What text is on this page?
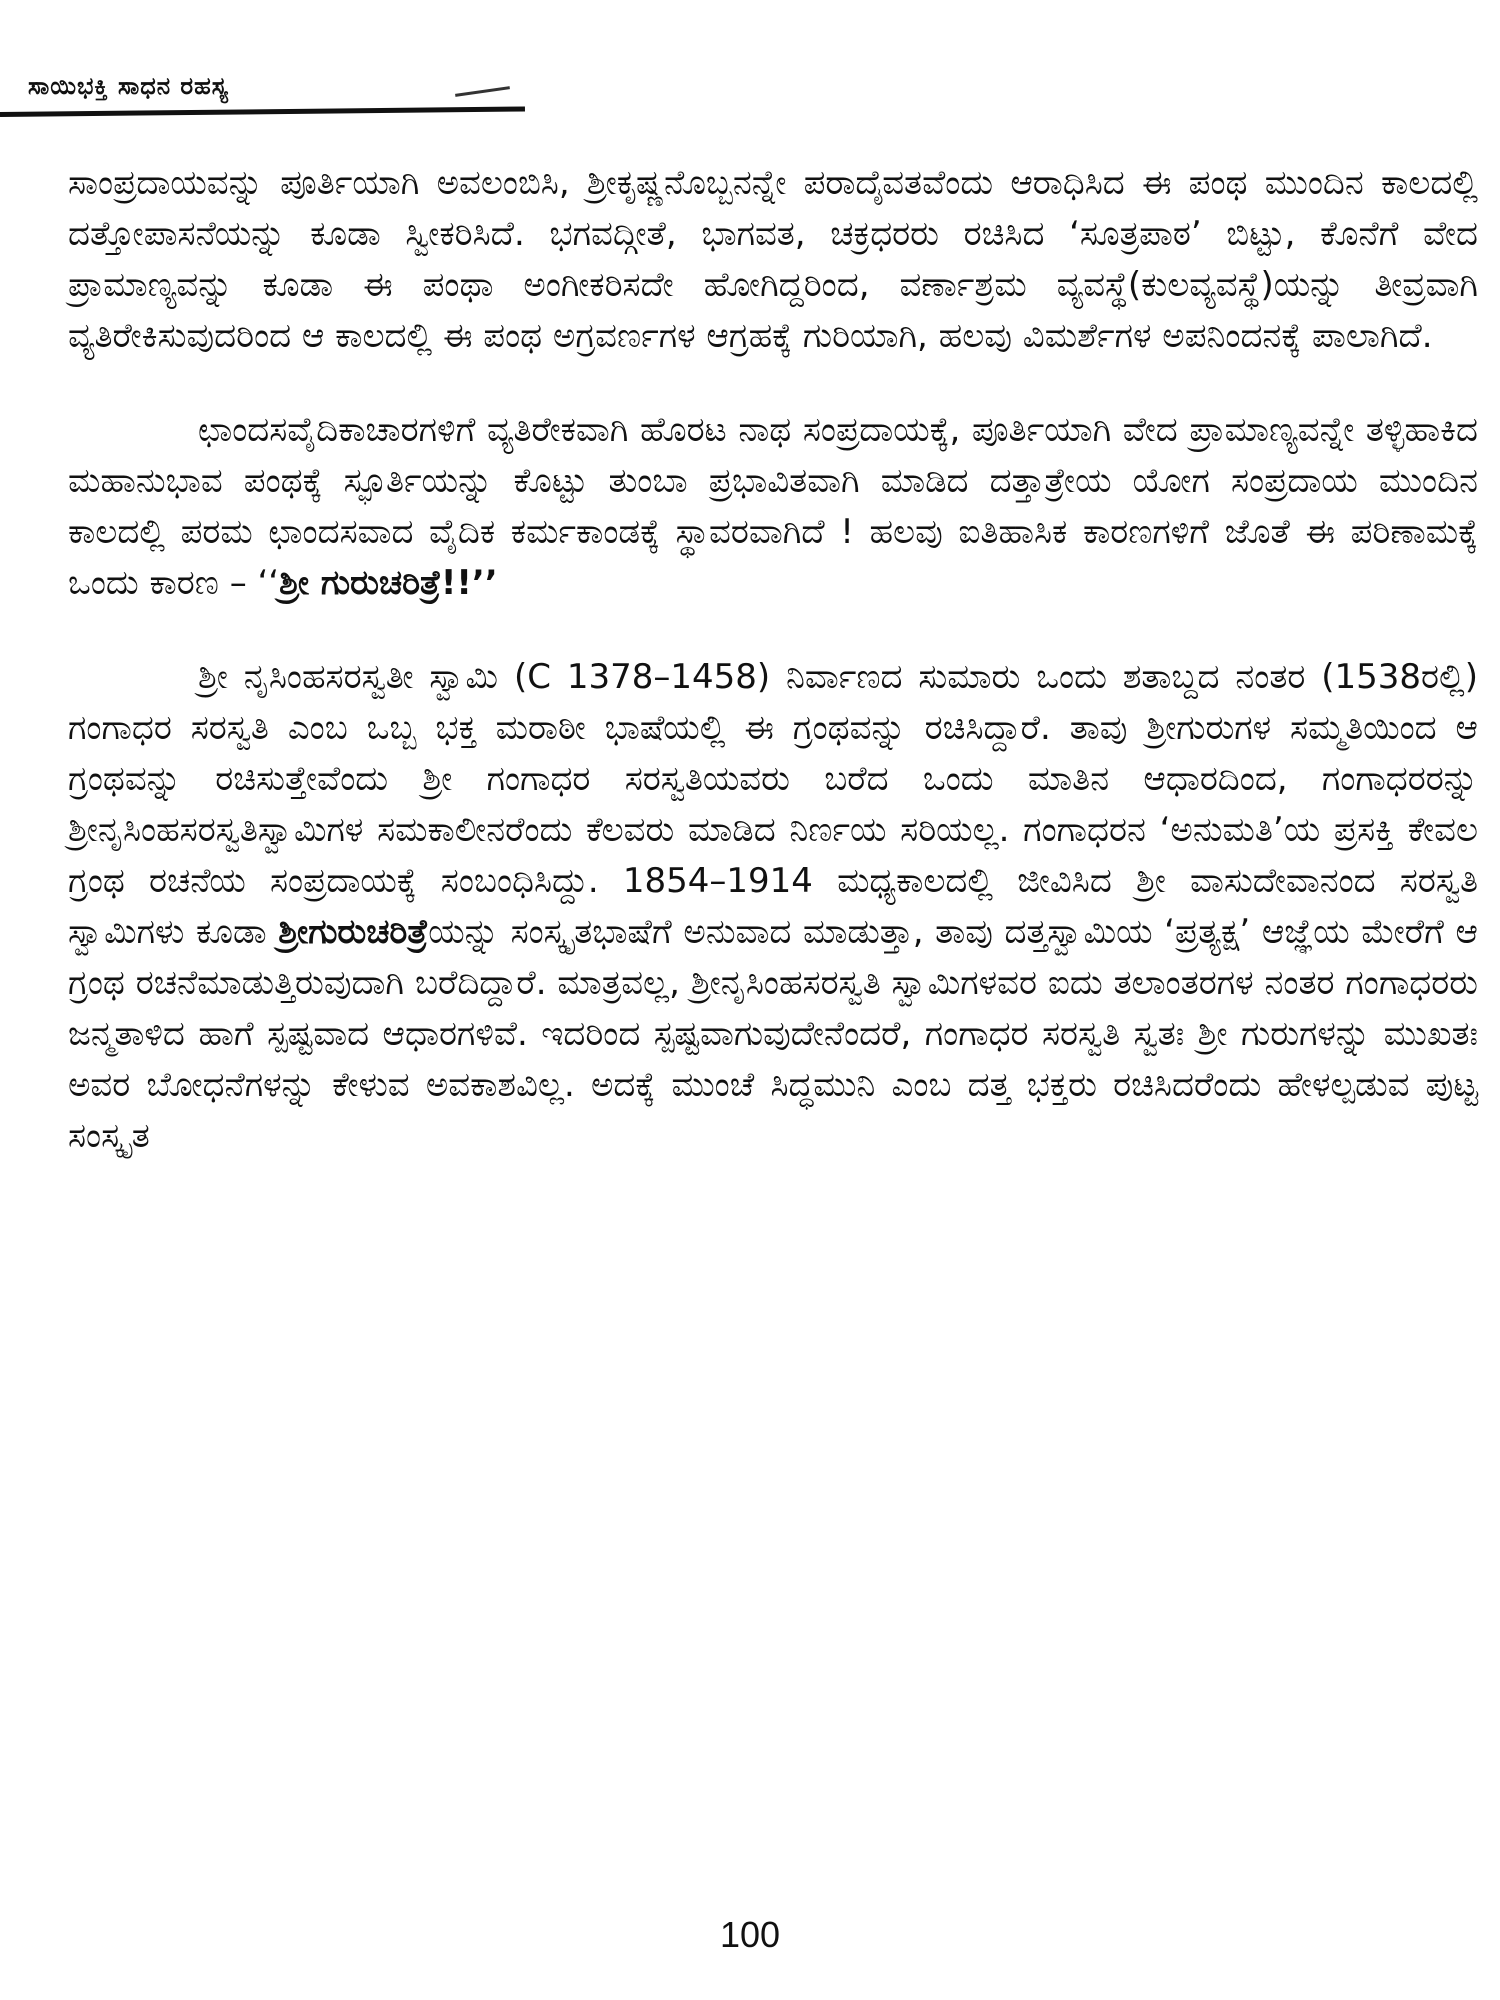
ಸಾಯಿಭಕ್ತಿ ಸಾಧನ ರಹಸ್ಯ

ಸಾಂಪ್ರದಾಯವನ್ನು ಪೂರ್ತಿಯಾಗಿ ಅವಲಂಬಿಸಿ, ಶ್ರೀಕೃಷ್ಣನೊಬ್ಬನನ್ನೇ ಪರಾದೈವತವೆಂದು ಆರಾಧಿಸಿದ ಈ ಪಂಥ ಮುಂದಿನ ಕಾಲದಲ್ಲಿ ದತ್ತೋಪಾಸನೆಯನ್ನು ಕೂಡಾ ಸ್ವೀಕರಿಸಿದೆ. ಭಗವದ್ಗೀತೆ, ಭಾಗವತ, ಚಕ್ರಧರರು ರಚಿಸಿದ ‘ಸೂತ್ರಪಾಠ’ ಬಿಟ್ಟು, ಕೊನೆಗೆ ವೇದ ಪ್ರಾಮಾಣ್ಯವನ್ನು ಕೂಡಾ ಈ ಪಂಥಾ ಅಂಗೀಕರಿಸದೇ ಹೋಗಿದ್ದರಿಂದ, ವರ್ಣಾಶ್ರಮ ವ್ಯವಸ್ಥೆ(ಕುಲವ್ಯವಸ್ಥೆ)ಯನ್ನು ತೀವ್ರವಾಗಿ ವ್ಯತಿರೇಕಿಸುವುದರಿಂದ ಆ ಕಾಲದಲ್ಲಿ ಈ ಪಂಥ ಅಗ್ರವರ್ಣಗಳ ಆಗ್ರಹಕ್ಕೆ ಗುರಿಯಾಗಿ, ಹಲವು ವಿಮರ್ಶೆಗಳ ಅಪನಿಂದನಕ್ಕೆ ಪಾಲಾಗಿದೆ.

ಛಾಂದಸವೈದಿಕಾಚಾರಗಳಿಗೆ ವ್ಯತಿರೇಕವಾಗಿ ಹೊರಟ ನಾಥ ಸಂಪ್ರದಾಯಕ್ಕೆ, ಪೂರ್ತಿಯಾಗಿ ವೇದ ಪ್ರಾಮಾಣ್ಯವನ್ನೇ ತಳ್ಳಿಹಾಕಿದ ಮಹಾನುಭಾವ ಪಂಥಕ್ಕೆ ಸ್ಫೂರ್ತಿಯನ್ನು ಕೊಟ್ಟು ತುಂಬಾ ಪ್ರಭಾವಿತವಾಗಿ ಮಾಡಿದ ದತ್ತಾತ್ರೇಯ ಯೋಗ ಸಂಪ್ರದಾಯ ಮುಂದಿನ ಕಾಲದಲ್ಲಿ ಪರಮ ಛಾಂದಸವಾದ ವೈದಿಕ ಕರ್ಮಕಾಂಡಕ್ಕೆ ಸ್ಥಾವರವಾಗಿದೆ ! ಹಲವು ಐತಿಹಾಸಿಕ ಕಾರಣಗಳಿಗೆ ಜೊತೆ ಈ ಪರಿಣಾಮಕ್ಕೆ ಒಂದು ಕಾರಣ – ‘‘ಶ್ರೀ ಗುರುಚರಿತ್ರೆ!!’’

ಶ್ರೀ ನೃಸಿಂಹಸರಸ್ವತೀ ಸ್ವಾಮಿ (C 1378–1458) ನಿರ್ವಾಣದ ಸುಮಾರು ಒಂದು ಶತಾಬ್ದದ ನಂತರ (1538ರಲ್ಲಿ) ಗಂಗಾಧರ ಸರಸ್ವತಿ ಎಂಬ ಒಬ್ಬ ಭಕ್ತ ಮರಾಠೀ ಭಾಷೆಯಲ್ಲಿ ಈ ಗ್ರಂಥವನ್ನು ರಚಿಸಿದ್ದಾರೆ. ತಾವು ಶ್ರೀಗುರುಗಳ ಸಮ್ಮತಿಯಿಂದ ಆ ಗ್ರಂಥವನ್ನು ರಚಿಸುತ್ತೇವೆಂದು ಶ್ರೀ ಗಂಗಾಧರ ಸರಸ್ವತಿಯವರು ಬರೆದ ಒಂದು ಮಾತಿನ ಆಧಾರದಿಂದ, ಗಂಗಾಧರರನ್ನು ಶ್ರೀನೃಸಿಂಹಸರಸ್ವತಿಸ್ವಾಮಿಗಳ ಸಮಕಾಲೀನರೆಂದು ಕೆಲವರು ಮಾಡಿದ ನಿರ್ಣಯ ಸರಿಯಲ್ಲ. ಗಂಗಾಧರನ ‘ಅನುಮತಿ’ಯ ಪ್ರಸಕ್ತಿ ಕೇವಲ ಗ್ರಂಥ ರಚನೆಯ ಸಂಪ್ರದಾಯಕ್ಕೆ ಸಂಬಂಧಿಸಿದ್ದು. 1854–1914 ಮಧ್ಯಕಾಲದಲ್ಲಿ ಜೀವಿಸಿದ ಶ್ರೀ ವಾಸುದೇವಾನಂದ ಸರಸ್ವತಿ ಸ್ವಾಮಿಗಳು ಕೂಡಾ ಶ್ರೀಗುರುಚರಿತ್ರೆಯನ್ನು ಸಂಸ್ಕೃತಭಾಷೆಗೆ ಅನುವಾದ ಮಾಡುತ್ತಾ, ತಾವು ದತ್ತಸ್ವಾಮಿಯ ‘ಪ್ರತ್ಯಕ್ಷ’ ಆಜ್ಞೆಯ ಮೇರೆಗೆ ಆ ಗ್ರಂಥ ರಚನೆಮಾಡುತ್ತಿರುವುದಾಗಿ ಬರೆದಿದ್ದಾರೆ. ಮಾತ್ರವಲ್ಲ, ಶ್ರೀನೃಸಿಂಹಸರಸ್ವತಿ ಸ್ವಾಮಿಗಳವರ ಐದು ತಲಾಂತರಗಳ ನಂತರ ಗಂಗಾಧರರು ಜನ್ಮತಾಳಿದ ಹಾಗೆ ಸ್ಪಷ್ಟವಾದ ಆಧಾರಗಳಿವೆ. ಇದರಿಂದ ಸ್ಪಷ್ಟವಾಗುವುದೇನೆಂದರೆ, ಗಂಗಾಧರ ಸರಸ್ವತಿ ಸ್ವತಃ ಶ್ರೀ ಗುರುಗಳನ್ನು ಮುಖತಃ ಅವರ ಬೋಧನೆಗಳನ್ನು ಕೇಳುವ ಅವಕಾಶವಿಲ್ಲ. ಅದಕ್ಕೆ ಮುಂಚೆ ಸಿದ್ಧಮುನಿ ಎಂಬ ದತ್ತ ಭಕ್ತರು ರಚಿಸಿದರೆಂದು ಹೇಳಲ್ಪಡುವ ಪುಟ್ಟ ಸಂಸ್ಕೃತ

100
